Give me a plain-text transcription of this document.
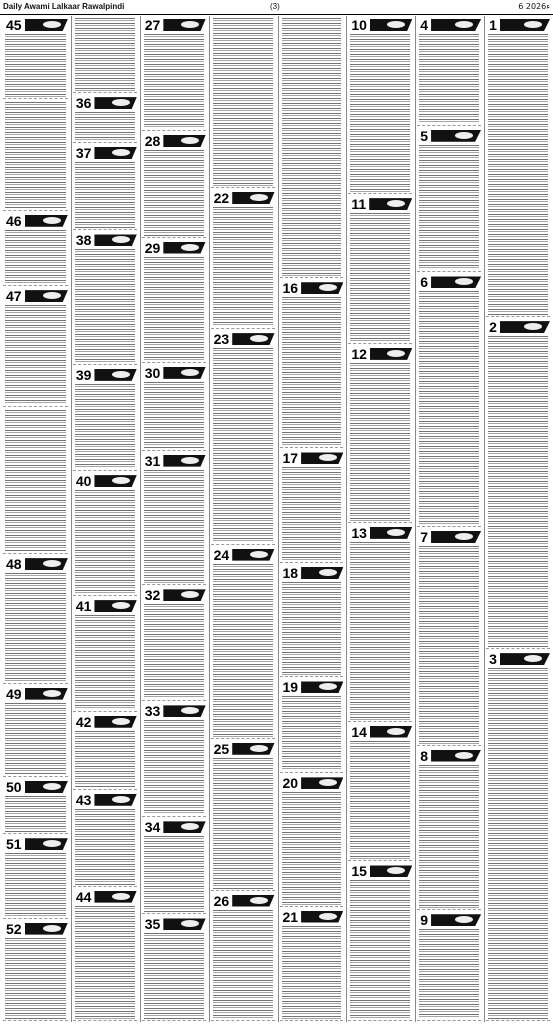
Daily Awami Lalkaar Rawalpindi	(3)	6 2026ء
45
46
47
48
49
50
51
52
36
37
38
39
40
41
42
43
44
27
28
29
30
31
32
33
34
35
22
23
24
25
26
16
17
18
19
20
21
10
11
12
13
14
15
4
5
6
7
8
9
1
2
3
